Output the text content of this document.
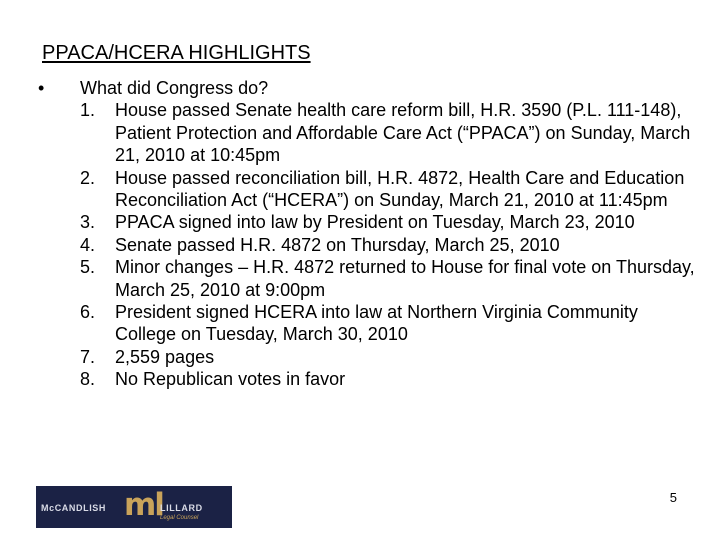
PPACA/HCERA HIGHLIGHTS
• What did Congress do?
1. House passed Senate health care reform bill, H.R. 3590 (P.L. 111-148), Patient Protection and Affordable Care Act (“PPACA”) on Sunday, March 21, 2010 at 10:45pm
2. House passed reconciliation bill, H.R. 4872, Health Care and Education Reconciliation Act (“HCERA”) on Sunday, March 21, 2010 at 11:45pm
3. PPACA signed into law by President on Tuesday, March 23, 2010
4. Senate passed H.R. 4872 on Thursday, March 25, 2010
5. Minor changes – H.R. 4872 returned to House for final vote on Thursday, March 25, 2010 at 9:00pm
6. President signed HCERA into law at Northern Virginia Community College on Tuesday, March 30, 2010
7. 2,559 pages
8. No Republican votes in favor
McCANDLISH ml
LILLARD
Legal Counsel
5
